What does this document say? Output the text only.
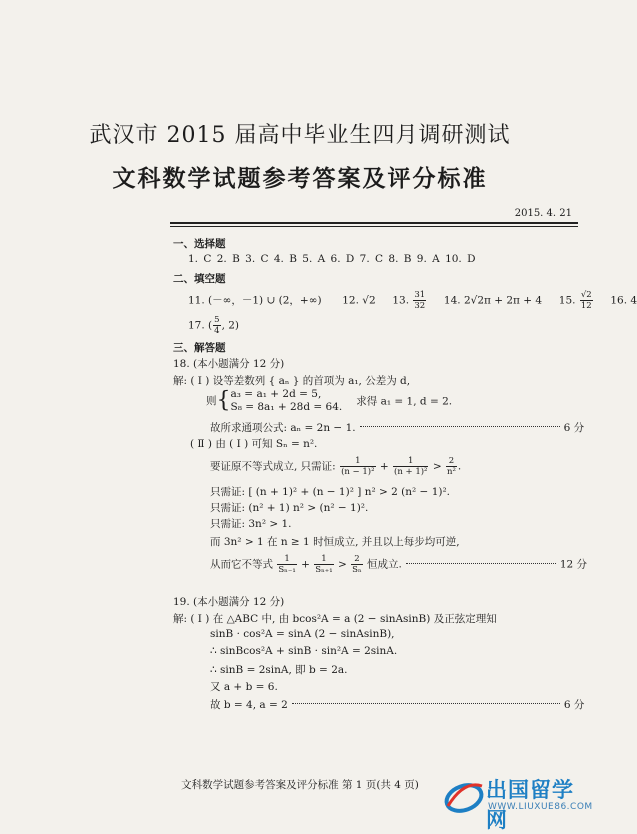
武汉市 2015 届高中毕业生四月调研测试
文科数学试题参考答案及评分标准
2015. 4. 21
一、选择题
1. C 2. B 3. C 4. B 5. A 6. D 7. C 8. B 9. A 10. D
二、填空题
11. (－∞，－1) ∪ (2，+∞) 12. √2 13. $\frac{31}{32} 14$. 2√2π + 2π + 4 15. $\frac{√2}{12} 16$. 4
17. ( $\frac{5}{4}$ , 2)
三、解答题
18. (本小题满分 12 分)
解: ( Ⅰ ) 设等差数列 { aₙ } 的首项为 a₁, 公差为 d,
则{ a₃ = a₁ + 2d = 5,
S₈ = 8a₁ + 28d = 64. 求得 a₁ = 1, d = 2.
故所求通项公式: aₙ = 2n − 1.	6 分
( Ⅱ ) 由 ( Ⅰ ) 可知 Sₙ = n².
要证原不等式成立, 只需证: $\frac{1}{\text{(n − 1)²}} + \frac{1}{\text{(n + 1)²}} > \frac{2}{\text{n²}}$ .
只需证: [ (n + 1)² + (n − 1)² ] n² > 2 (n² − 1)².
只需证: (n² + 1) n² > (n² − 1)².
只需证: 3n² > 1.
而 3n² > 1 在 n ≥ 1 时恒成立, 并且以上每步均可逆,
从而它不等式 $\frac{1}{\text{Sₙ₋₁}} + \frac{1}{\text{Sₙ₊₁}} > \frac{2}{\text{Sₙ}}$ 恒成立.	12 分
19. (本小题满分 12 分)
解: ( Ⅰ ) 在 △ABC 中, 由 bcos²A = a (2 − sinAsinB) 及正弦定理知
sinB · cos²A = sinA (2 − sinAsinB),
∴ sinBcos²A + sinB · sin²A = 2sinA.
∴ sinB = 2sinA, 即 b = 2a.
又 a + b = 6.
故 b = 4, a = 2	6 分
文科数学试题参考答案及评分标准 第 1 页(共 4 页)	出国留学网
WWW.LIUXUE86.COM
